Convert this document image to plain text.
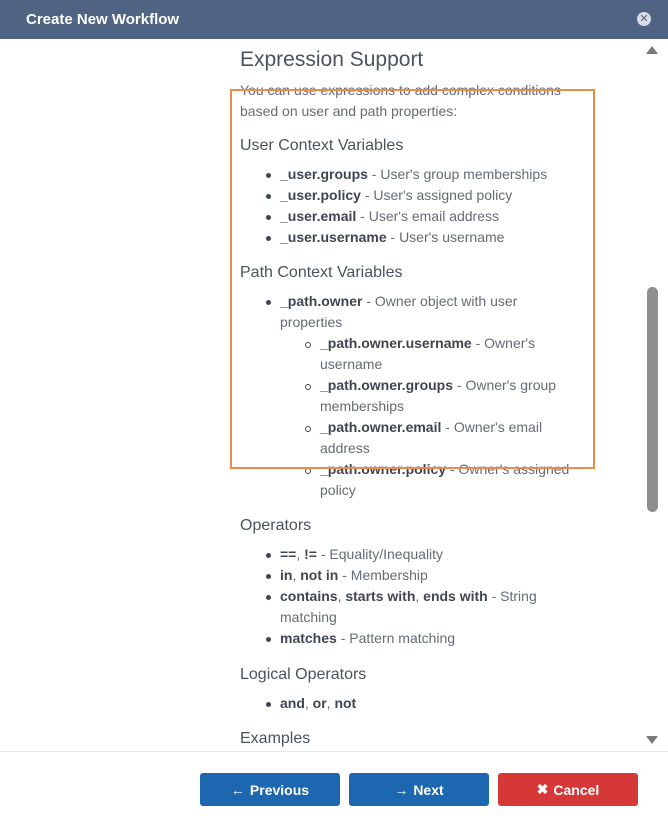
Create New Workflow	✕
Expression Support
You can use expressions to add complex conditions based on user and path properties:
User Context Variables
_user.groups - User's group memberships
_user.policy - User's assigned policy
_user.email - User's email address
_user.username - User's username
Path Context Variables
_path.owner - Owner object with user
properties
_path.owner.username - Owner's
username
_path.owner.groups - Owner's group
memberships
_path.owner.email - Owner's email
address
_path.owner.policy - Owner's assigned
policy
Operators
==, != - Equality/Inequality
in, not in - Membership
contains, starts with, ends with - String
matching
matches - Pattern matching
Logical Operators
and, or, not
Examples
← Previous	→ Next	✖ Cancel
